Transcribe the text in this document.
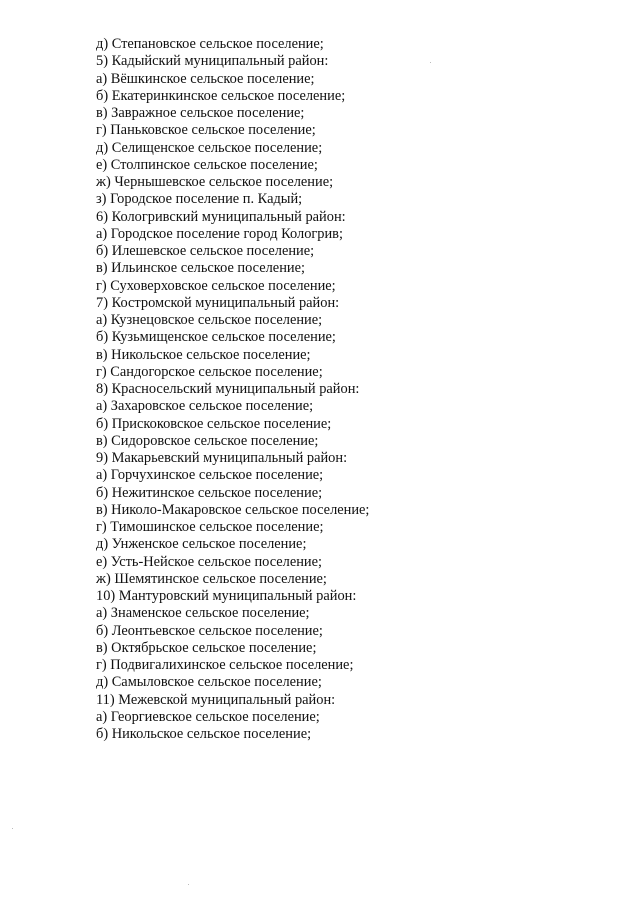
д) Степановское сельское поселение;
5) Кадыйский муниципальный район:
а) Вёшкинское сельское поселение;
б) Екатеринкинское сельское поселение;
в) Завражное сельское поселение;
г) Паньковское сельское поселение;
д) Селищенское сельское поселение;
е) Столпинское сельское поселение;
ж) Чернышевское сельское поселение;
з) Городское поселение п. Кадый;
6) Кологривский муниципальный район:
а) Городское поселение город Кологрив;
б) Илешевское сельское поселение;
в) Ильинское сельское поселение;
г) Суховерховское сельское поселение;
7) Костромской муниципальный район:
а) Кузнецовское сельское поселение;
б) Кузьмищенское сельское поселение;
в) Никольское сельское поселение;
г) Сандогорское сельское поселение;
8) Красносельский муниципальный район:
а) Захаровское сельское поселение;
б) Прискоковское сельское поселение;
в) Сидоровское сельское поселение;
9) Макарьевский муниципальный район:
а) Горчухинское сельское поселение;
б) Нежитинское сельское поселение;
в) Николо-Макаровское сельское поселение;
г) Тимошинское сельское поселение;
д) Унженское сельское поселение;
е) Усть-Нейское сельское поселение;
ж) Шемятинское сельское поселение;
10) Мантуровский муниципальный район:
а) Знаменское сельское поселение;
б) Леонтьевское сельское поселение;
в) Октябрьское сельское поселение;
г) Подвигалихинское сельское поселение;
д) Самыловское сельское поселение;
11) Межевской муниципальный район:
а) Георгиевское сельское поселение;
б) Никольское сельское поселение;
